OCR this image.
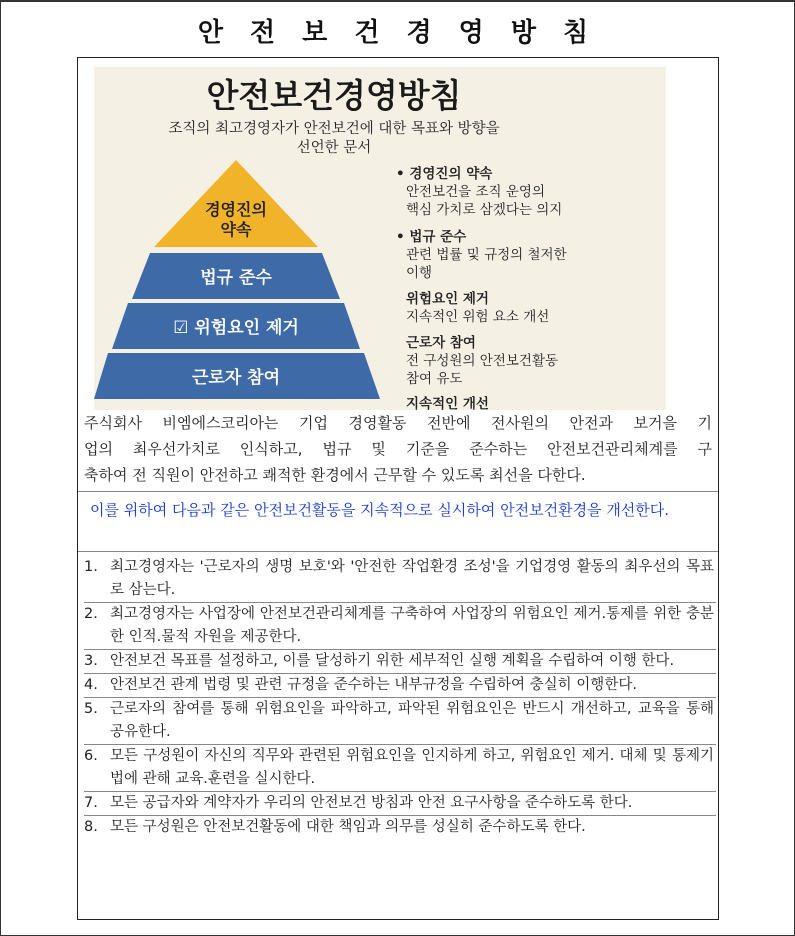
안 전 보 건 경 영 방 침
안전보건경영방침
조직의 최고경영자가 안전보건에 대한 목표와 방향을
선언한 문서
경영진의
약속
법규 준수
☑ 위험요인 제거
근로자 참여
• 경영진의 약속
안전보건을 조직 운영의
핵심 가치로 삼겠다는 의지
• 법규 준수
관련 법률 및 규정의 철저한
이행
위험요인 제거
지속적인 위험 요소 개선
근로자 참여
전 구성원의 안전보건활동
참여 유도
지속적인 개선
주식회사 비엠에스코리아는 기업 경영활동 전반에 전사원의 안전과 보거을 기
업의 최우선가치로 인식하고, 법규 및 기준을 준수하는 안전보건관리체계를 구
축하여 전 직원이 안전하고 쾌적한 환경에서 근무할 수 있도록 최선을 다한다.
이를 위하여 다음과 같은 안전보건활동을 지속적으로 실시하여 안전보건환경을 개선한다.
1. 최고경영자는 '근로자의 생명 보호'와 '안전한 작업환경 조성'을 기업경영 활동의 최우선의 목표로 삼는다.
2. 최고경영자는 사업장에 안전보건관리체계를 구축하여 사업장의 위험요인 제거.통제를 위한 충분한 인적.물적 자원을 제공한다.
3. 안전보건 목표를 설정하고, 이를 달성하기 위한 세부적인 실행 계획을 수립하여 이행 한다.
4. 안전보건 관계 법령 및 관련 규정을 준수하는 내부규정을 수립하여 충실히 이행한다.
5. 근로자의 참여를 통해 위험요인을 파악하고, 파악된 위험요인은 반드시 개선하고, 교육을 통해 공유한다.
6. 모든 구성원이 자신의 직무와 관련된 위험요인을 인지하게 하고, 위험요인 제거. 대체 및 통제기법에 관해 교육.훈련을 실시한다.
7. 모든 공급자와 계약자가 우리의 안전보건 방침과 안전 요구사항을 준수하도록 한다.
8. 모든 구성원은 안전보건활동에 대한 책임과 의무를 성실히 준수하도록 한다.
